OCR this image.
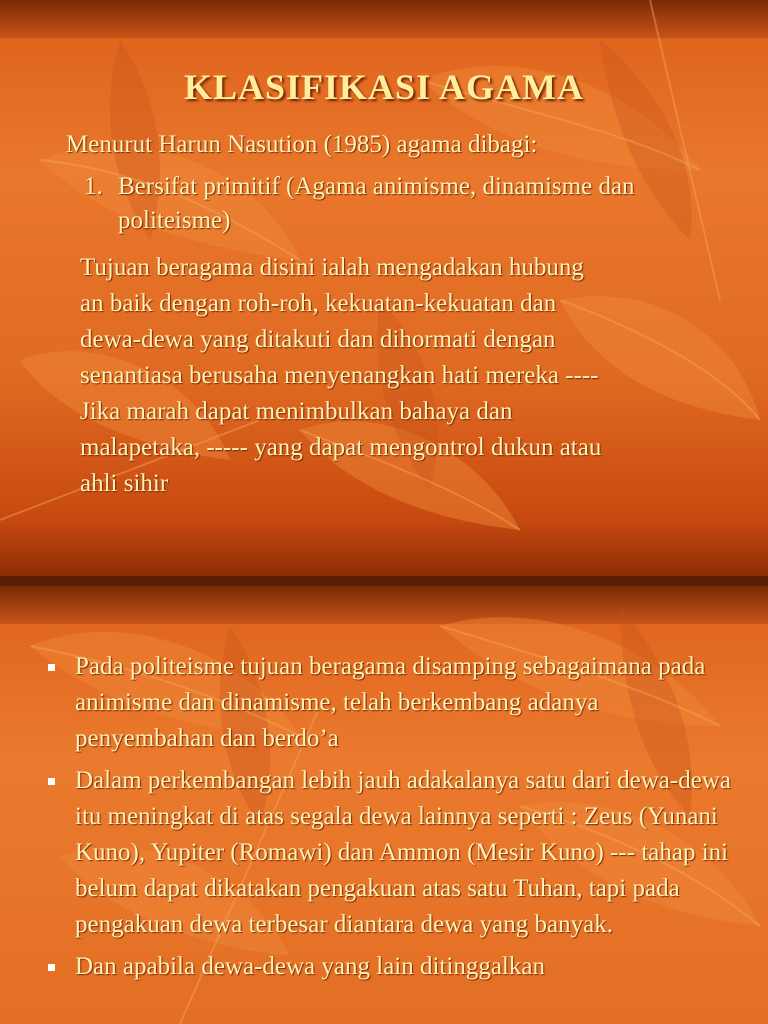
KLASIFIKASI AGAMA
Menurut Harun Nasution (1985) agama dibagi:
1. Bersifat primitif (Agama animisme, dinamisme dan politeisme)
Tujuan beragama disini ialah mengadakan hubung
an baik dengan roh-roh, kekuatan-kekuatan dan
dewa-dewa yang ditakuti dan dihormati dengan
senantiasa berusaha menyenangkan hati mereka ----
Jika marah dapat menimbulkan bahaya dan
malapetaka, ----- yang dapat mengontrol dukun atau
ahli sihir
Pada politeisme tujuan beragama disamping sebagaimana pada animisme dan dinamisme, telah berkembang adanya penyembahan dan berdo’a
Dalam perkembangan lebih jauh adakalanya satu dari dewa-dewa itu meningkat di atas segala dewa lainnya seperti : Zeus (Yunani Kuno), Yupiter (Romawi) dan Ammon (Mesir Kuno) --- tahap ini belum dapat dikatakan pengakuan atas satu Tuhan, tapi pada pengakuan dewa terbesar diantara dewa yang banyak.
Dan apabila dewa-dewa yang lain ditinggalkan
